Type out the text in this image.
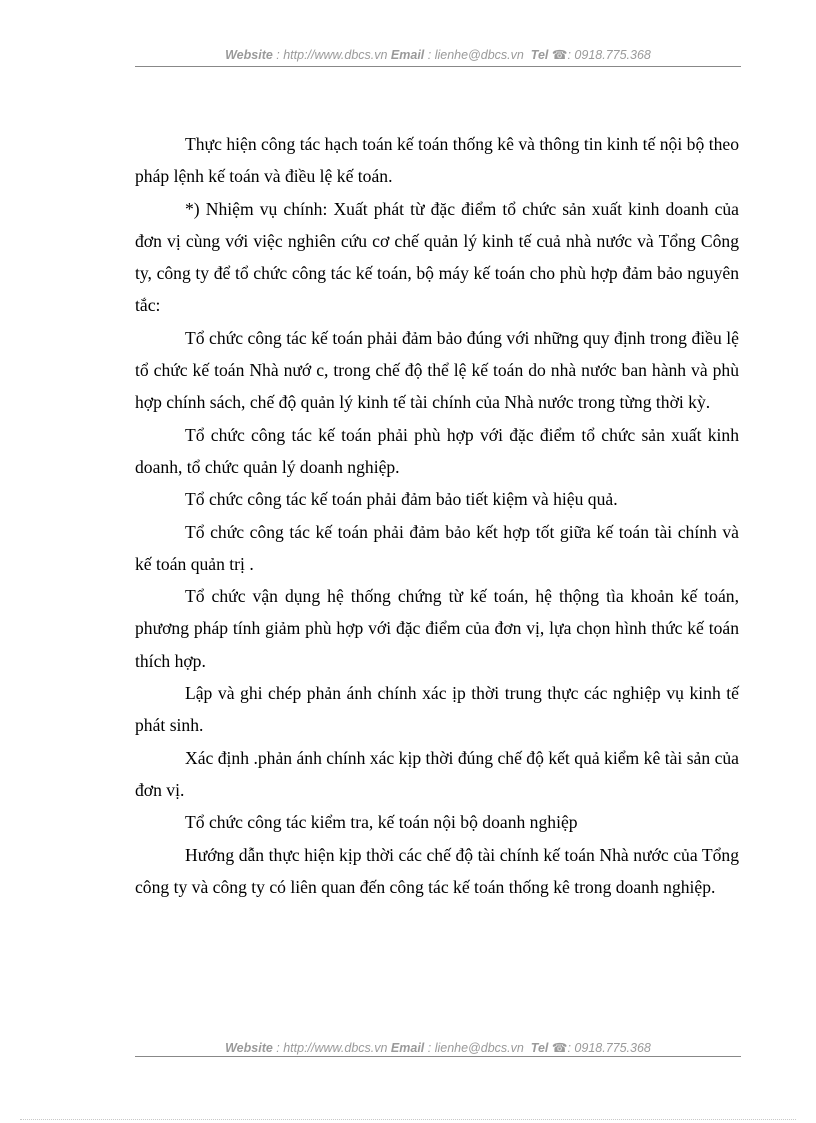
Website : http://www.dbcs.vn Email : lienhe@dbcs.vn  Tel ☎: 0918.775.368

Thực hiện công tác hạch toán kế toán thống kê và thông tin kinh tế nội bộ theo pháp lệnh kế toán và điều lệ kế toán.

*) Nhiệm vụ chính: Xuất phát từ đặc điểm tổ chức sản xuất kinh doanh của đơn vị cùng với việc nghiên cứu cơ chế quản lý kinh tế cuả nhà nước và Tổng Công ty, công ty để tổ chức công tác kế toán, bộ máy kế toán cho phù hợp đảm bảo nguyên tắc:

Tổ chức công tác kế toán phải đảm bảo đúng với những quy định trong điều lệ tổ chức kế toán Nhà nướ c, trong chế độ thể lệ kế toán do nhà nước ban hành và phù hợp chính sách, chế độ quản lý kinh tế tài chính của Nhà nước trong từng thời kỳ.

Tổ chức công tác kế toán phải phù hợp với đặc điểm tổ chức sản xuất kinh doanh, tổ chức quản lý doanh nghiệp.

Tổ chức công tác kế toán phải đảm bảo tiết kiệm và hiệu quả.

Tổ chức công tác kế toán phải đảm bảo kết hợp tốt giữa kế toán tài chính và kế toán quản trị .

Tổ chức vận dụng hệ thống chứng từ kế toán, hệ thộng tìa khoản kế toán, phương pháp tính giảm phù hợp với đặc điểm của đơn vị, lựa chọn hình thức kế toán thích hợp.

Lập và ghi chép phản ánh chính xác ịp thời trung thực các nghiệp vụ kinh tế phát sinh.

Xác định .phản ánh chính xác kịp thời đúng chế độ kết quả kiểm kê tài sản của đơn vị.

Tổ chức công tác kiểm tra, kế toán nội bộ doanh nghiệp

Hướng dẫn thực hiện kịp thời các chế độ tài chính kế toán Nhà nước của Tổng công ty và công ty có liên quan đến công tác kế toán thống kê trong doanh nghiệp.

Website : http://www.dbcs.vn Email : lienhe@dbcs.vn  Tel ☎: 0918.775.368
